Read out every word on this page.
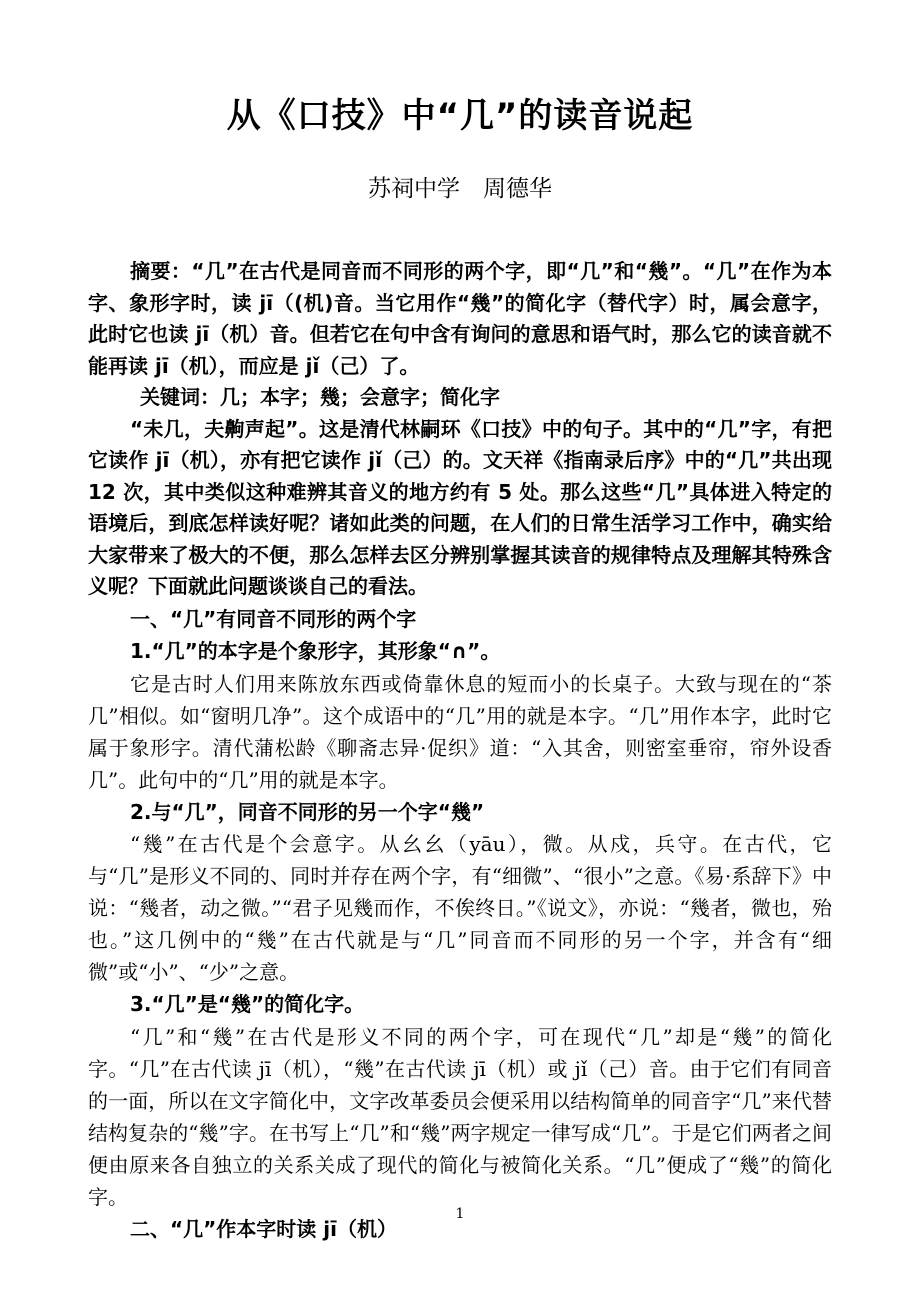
从《口技》中“几”的读音说起
苏祠中学　周德华

摘要：“几”在古代是同音而不同形的两个字，即“几”和“幾”。“几”在作为本字、象形字时，读 jī（(机)音。当它用作“幾”的简化字（替代字）时，属会意字，此时它也读 jī（机）音。但若它在句中含有询问的意思和语气时，那么它的读音就不能再读 jī（机），而应是 jǐ（己）了。

关键词：几；本字；幾；会意字；简化字

“未几，夫齁声起”。这是清代林嗣环《口技》中的句子。其中的“几”字，有把它读作 jī（机），亦有把它读作 jǐ（己）的。文天祥《指南录后序》中的“几”共出现 12 次，其中类似这种难辨其音义的地方约有 5 处。那么这些“几”具体进入特定的语境后，到底怎样读好呢？诸如此类的问题，在人们的日常生活学习工作中，确实给大家带来了极大的不便，那么怎样去区分辨别掌握其读音的规律特点及理解其特殊含义呢？下面就此问题谈谈自己的看法。

一、“几”有同音不同形的两个字

1.“几”的本字是个象形字，其形象“∩”。

它是古时人们用来陈放东西或倚靠休息的短而小的长桌子。大致与现在的“茶几”相似。如“窗明几净”。这个成语中的“几”用的就是本字。“几”用作本字，此时它属于象形字。清代蒲松龄《聊斋志异·促织》道：“入其舍，则密室垂帘，帘外设香几”。此句中的“几”用的就是本字。

2.与“几”，同音不同形的另一个字“幾”

“幾”在古代是个会意字。从幺幺（yāu），微。从戍，兵守。在古代，它与“几”是形义不同的、同时并存在两个字，有“细微”、“很小”之意。《易·系辞下》中说：“幾者，动之微。”“君子见幾而作，不俟终日。”《说文》，亦说：“幾者，微也，殆也。”这几例中的“幾”在古代就是与“几”同音而不同形的另一个字，并含有“细微”或“小”、“少”之意。

3.“几”是“幾”的简化字。

“几”和“幾”在古代是形义不同的两个字，可在现代“几”却是“幾”的简化字。“几”在古代读 jī（机），“幾”在古代读 jī（机）或 jǐ（己）音。由于它们有同音的一面，所以在文字简化中，文字改革委员会便采用以结构简单的同音字“几”来代替结构复杂的“幾”字。在书写上“几”和“幾”两字规定一律写成“几”。于是它们两者之间便由原来各自独立的关系关成了现代的简化与被简化关系。“几”便成了“幾”的简化字。

二、“几”作本字时读 jī（机）

1
